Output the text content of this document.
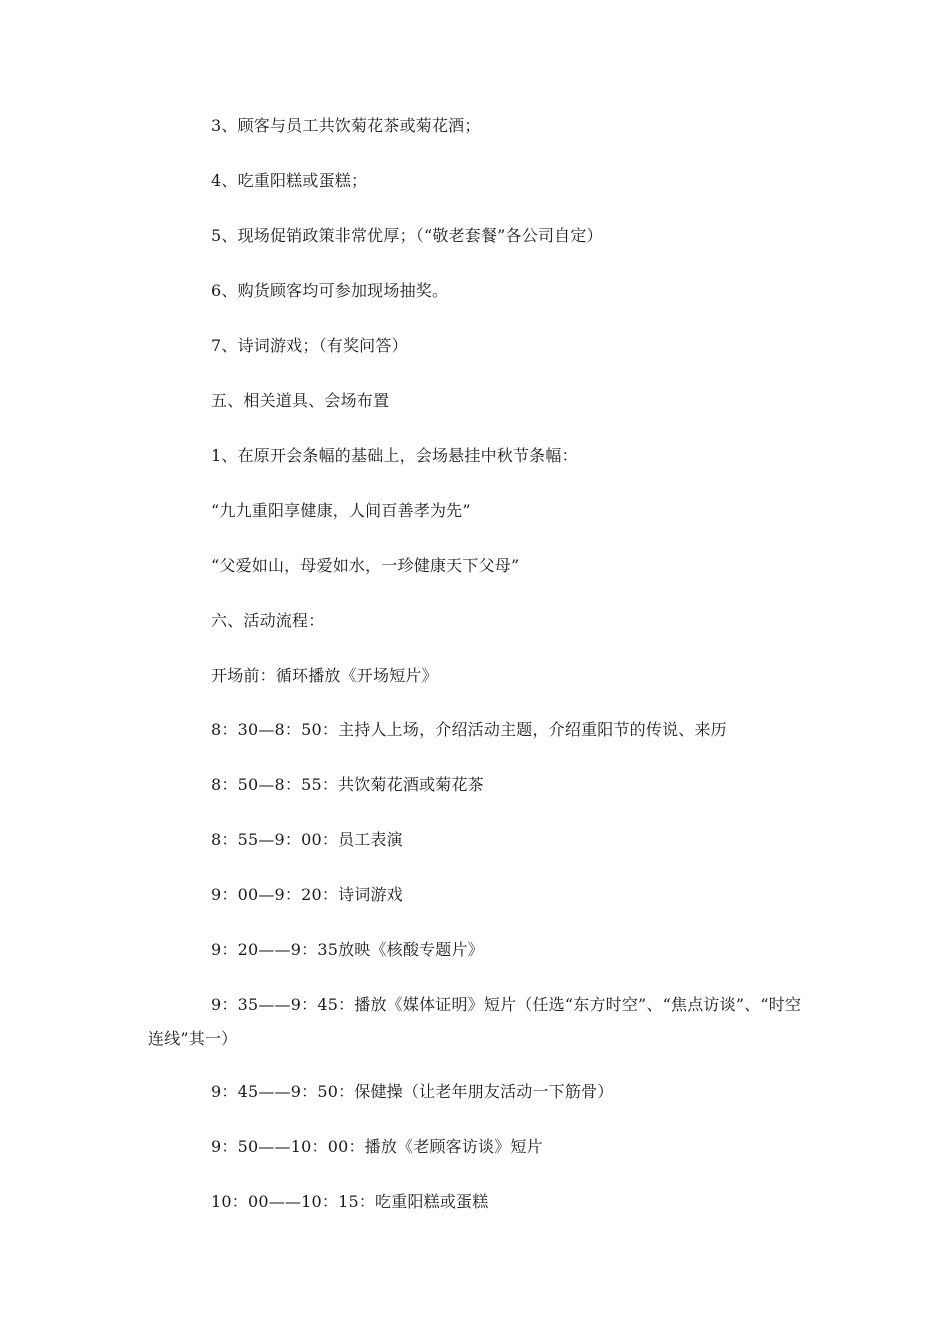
3、顾客与员工共饮菊花茶或菊花酒；
4、吃重阳糕或蛋糕；
5、现场促销政策非常优厚；（“敬老套餐”各公司自定）
6、购货顾客均可参加现场抽奖。
7、诗词游戏；（有奖问答）
五、相关道具、会场布置
1、在原开会条幅的基础上，会场悬挂中秋节条幅：
“九九重阳享健康，人间百善孝为先”
“父爱如山，母爱如水，一珍健康天下父母”
六、活动流程：
开场前：循环播放《开场短片》
8：30—8：50：主持人上场，介绍活动主题，介绍重阳节的传说、来历
8：50—8：55：共饮菊花酒或菊花茶
8：55—9：00：员工表演
9：00—9：20：诗词游戏
9：20——9：35放映《核酸专题片》
9：35——9：45：播放《媒体证明》短片（任选“东方时空”、“焦点访谈”、“时空连线”其一）
9：45——9：50：保健操（让老年朋友活动一下筋骨）
9：50——10：00：播放《老顾客访谈》短片
10：00——10：15：吃重阳糕或蛋糕
